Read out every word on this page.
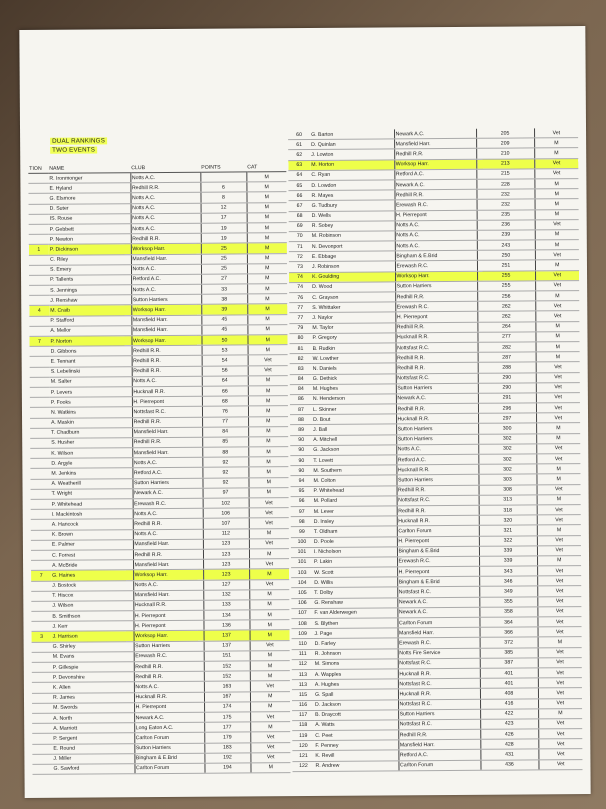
DUAL RANKINGS
TWO EVENTS
TION	NAME	CLUB	POINTS	CAT
	R. Ironmonger	Notts A.C.		M
	E. Hyland	Redhill R.R.	6	M
	G. Elsmore	Notts A.C.	8	M
	D. Suter	Notts A.C.	12	M
	IS. Rouse	Notts A.C.	17	M
	P. Gebbett	Notts A.C.	19	M
	P. Newton	Redhill R.R.	19	M
1	P. Dickinson	Worksop Harr.	25	M
	C. Riley	Mansfield Harr.	25	M
	S. Emery	Notts A.C.	25	M
	P. Tallents	Retford A.C.	27	M
	S. Jennings	Notts A.C.	33	M
	J. Renshaw	Sutton Harriers	38	M
4	M. Craib	Worksop Harr.	39	M
	P. Stafford	Mansfield Harr.	45	M
	A. Mellor	Mansfield Harr.	45	M
7	P. Norton	Worksop Harr.	50	M
	D. Gibbons	Redhill R.R.	53	M
	E. Tennant	Redhill R.R.	54	Vet
	S. Lebelinski	Redhill R.R.	56	Vet
	M. Salter	Notts A.C.	64	M
	P. Levers	Hucknall R.R.	66	M
	P. Fooks	H. Pierrepont	68	M
	N. Watkins	Nottsfast R.C.	76	M
	A. Maskin	Redhill R.R.	77	M
	T. Chadburn	Mansfield Harr.	84	M
	S. Husher	Redhill R.R.	85	M
	K. Wilson	Mansfield Harr.	88	M
	D. Argyle	Notts A.C.	92	M
	M. Jenkins	Retford A.C.	92	M
	A. Weatherill	Sutton Harriers	92	M
	T. Wright	Newark A.C.	97	M
	P. Whitehead	Erewash R.C.	102	Vet
	I. Mackintosh	Notts A.C.	106	Vet
	A. Hancock	Redhill R.R.	107	Vet
	K. Brown	Notts A.C.	112	M
	E. Palmer	Mansfield Harr.	123	Vet
	C. Forrest	Redhill R.R.	123	M
	A. McBride	Mansfield Harr.	123	Vet
7	G. Haines	Worksop Harr.	123	M
	J. Bostock	Notts A.C.	127	Vet
	T. Hiscox	Mansfield Harr.	132	M
	J. Wilson	Hucknall R.R.	133	M
	B. Smithson	H. Pierrepont	134	M
	J. Kerr	H. Pierrepont	136	M
3	J. Harrison	Worksop Harr.	137	M
	G. Shirley	Sutton Harriers	137	Vet
	M. Evans	Erewash R.C.	151	M
	P. Gillespie	Redhill R.R.	152	M
	P. Devonshire	Redhill R.R.	152	M
	K. Allen	Notts A.C.	163	Vet
	R. James	Hucknall R.R.	167	M
	M. Swords	H. Pierrepont	174	M
	A. North	Newark A.C.	175	Vet
	A. Marriott	Long Eaton A.C.	177	M
	P. Sergent	Carlton Forum	179	Vet
	E. Round	Sutton Harriers	183	Vet
	J. Miller	Bingham & E.Brid	192	Vet
	G. Sawford	Carlton Forum	194	M
60	G. Barton	Newark A.C.	205	Vet
61	D. Quinlan	Mansfield Harr.	209	M
62	J. Lowton	Redhill R.R.	210	M
63	M. Horton	Worksop Harr.	213	Vet
64	C. Ryan	Retford A.C.	215	Vet
65	D. Lowdon	Newark A.C.	228	M
66	R. Mayes	Redhill R.R.	232	M
67	G. Tudbury	Erewash R.C.	232	M
68	D. Wells	H. Pierrepont	235	M
69	R. Sobey	Notts A.C.	236	Vet
70	M. Robinson	Notts A.C.	239	M
71	N. Devonport	Notts A.C.	243	M
72	E. Ebbage	Bingham & E.Brid	250	Vet
73	J. Robinson	Erewash R.C.	251	M
74	K. Goulding	Worksop Harr.	255	Vet
74	D. Wood	Sutton Harriers	255	Vet
76	C. Grayson	Redhill R.R.	256	M
77	S. Whittaker	Erewash R.C.	262	Vet
77	J. Naylor	H. Pierrepont	262	Vet
79	M. Taylor	Redhill R.R.	264	M
80	P. Gregory	Hucknall R.R.	277	M
81	B. Rudkin	Nottsfast R.C.	282	M
82	W. Lowther	Redhill R.R.	287	M
83	N. Daniels	Redhill R.R.	288	Vet
84	G. Dethick	Nottsfast R.C.	290	Vet
84	M. Hughes	Sutton Harriers	290	Vet
86	N. Henderson	Newark A.C.	291	Vet
87	L. Skinner	Redhill R.R.	296	Vet
88	D. Bout	Hucknall R.R.	297	Vet
89	J. Ball	Sutton Harriers	300	M
90	A. Mitchell	Sutton Harriers	302	M
90	G. Jackson	Notts A.C.	302	Vet
90	T. Lovett	Retford A.C.	302	Vet
90	M. Southern	Hucknall R.R.	302	M
94	M. Colton	Sutton Harriers	303	M
95	P. Whitehead	Redhill R.R.	308	Vet
96	M. Pollard	Nottsfast R.C.	313	M
97	M. Lever	Redhill R.R.	318	Vet
98	D. Insley	Hucknall R.R.	320	Vet
99	T. Oldham	Carlton Forum	321	M
100	D. Poole	H. Pierrepont	322	Vet
101	I. Nicholson	Bingham & E.Brid	339	Vet
101	P. Lakin	Erewash R.C.	339	M
103	W. Scott	H. Pierrepont	343	Vet
104	D. Willis	Bingham & E.Brid	346	Vet
105	T. Dolby	Nottsfast R.C.	349	Vet
106	G. Renshaw	Newark A.C.	355	Vet
107	F. van Alderwegen	Newark A.C.	358	Vet
108	S. Blythen	Carlton Forum	364	Vet
109	J. Page	Mansfield Harr.	366	Vet
110	D. Farley	Erewash R.C.	372	M
111	R. Johnson	Notts Fire Service	385	Vet
112	M. Simons	Nottsfast R.C.	387	Vet
113	A. Wapples	Hucknall R.R.	401	Vet
113	A. Hughes	Nottsfast R.C.	401	Vet
115	G. Spall	Hucknall R.R.	408	Vet
116	D. Jackson	Nottsfast R.C.	416	Vet
117	B. Draycott	Sutton Harriers	422	M
118	A. Watts	Nottsfast R.C.	423	Vet
119	C. Peet	Redhill R.R.	426	Vet
120	F. Penney	Mansfield Harr.	428	Vet
121	K. Revill	Retford A.C.	431	Vet
122	R. Andrew	Carlton Forum	436	Vet
